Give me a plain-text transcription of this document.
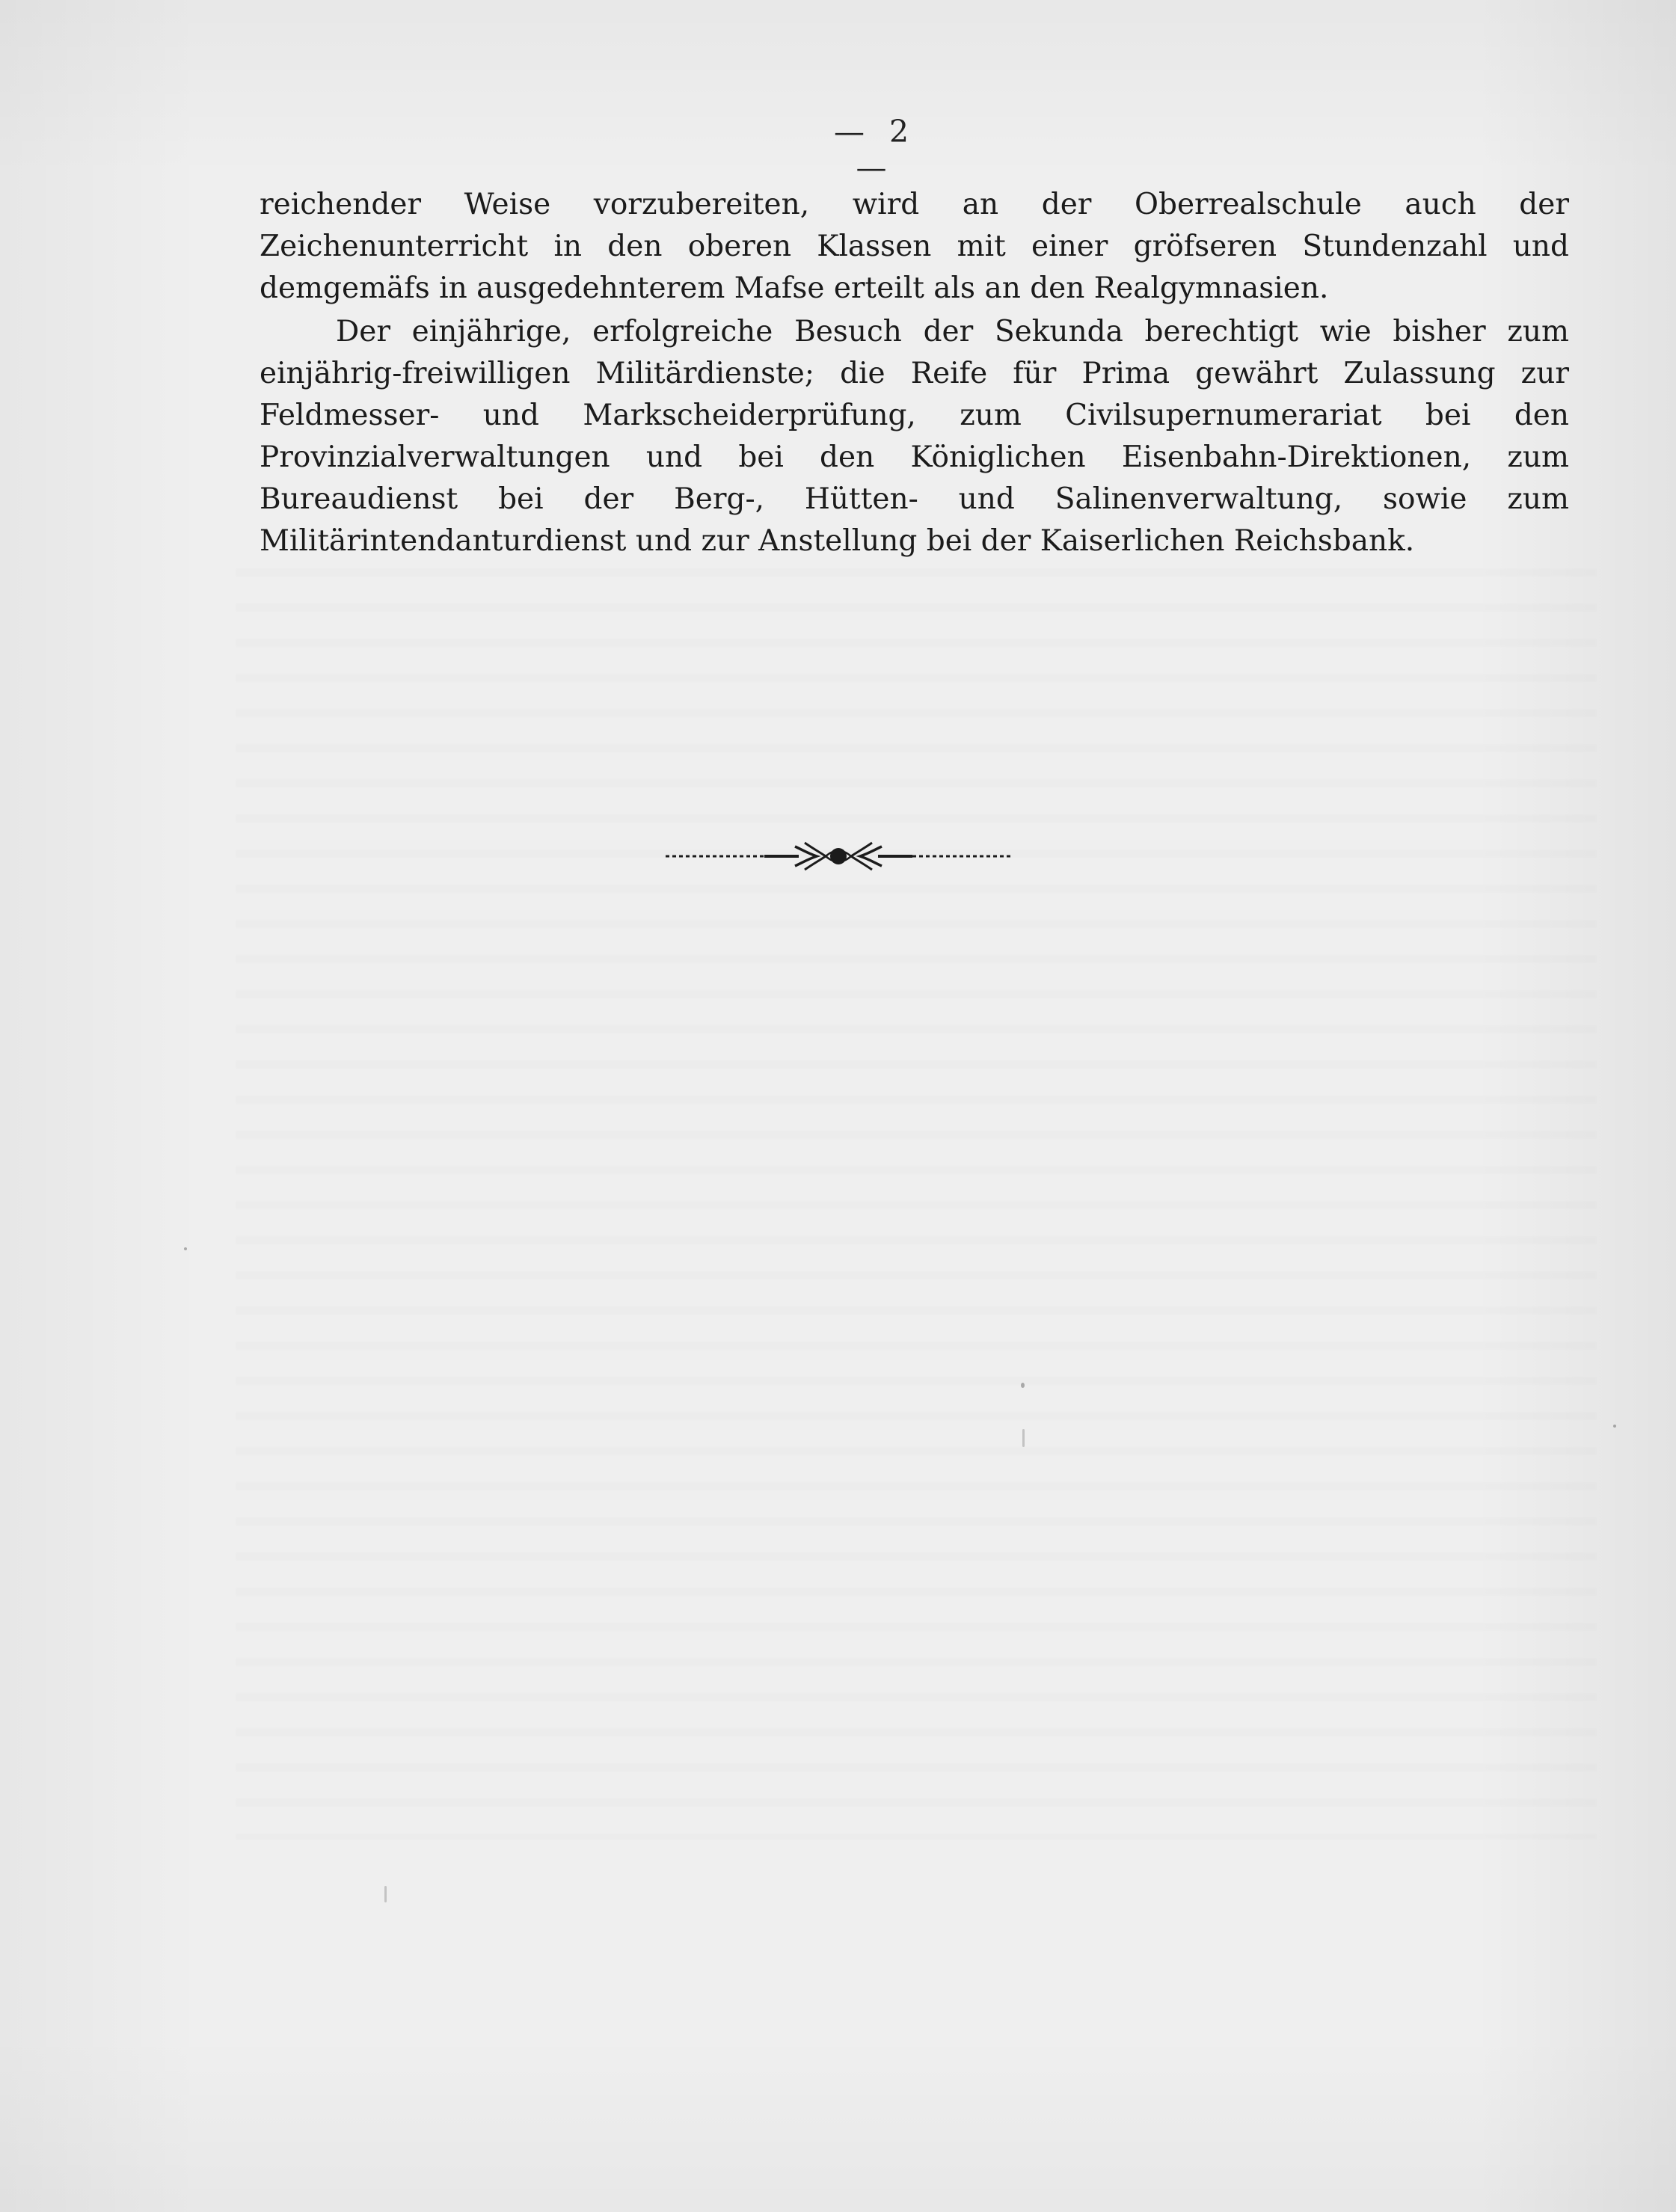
— 2 —

reichender Weise vorzubereiten, wird an der Oberrealschule auch der Zeichenunterricht in den oberen Klassen mit einer gröfseren Stundenzahl und demgemäfs in ausgedehnterem Mafse erteilt als an den Realgymnasien.

Der einjährige, erfolgreiche Besuch der Sekunda berechtigt wie bisher zum einjährig-freiwilligen Militärdienste; die Reife für Prima gewährt Zulassung zur Feldmesser- und Markscheiderprüfung, zum Civilsupernumerariat bei den Provinzialverwaltungen und bei den Königlichen Eisenbahn-Direktionen, zum Bureaudienst bei der Berg-, Hütten- und Salinenverwaltung, sowie zum Militärintendanturdienst und zur Anstellung bei der Kaiserlichen Reichsbank.
